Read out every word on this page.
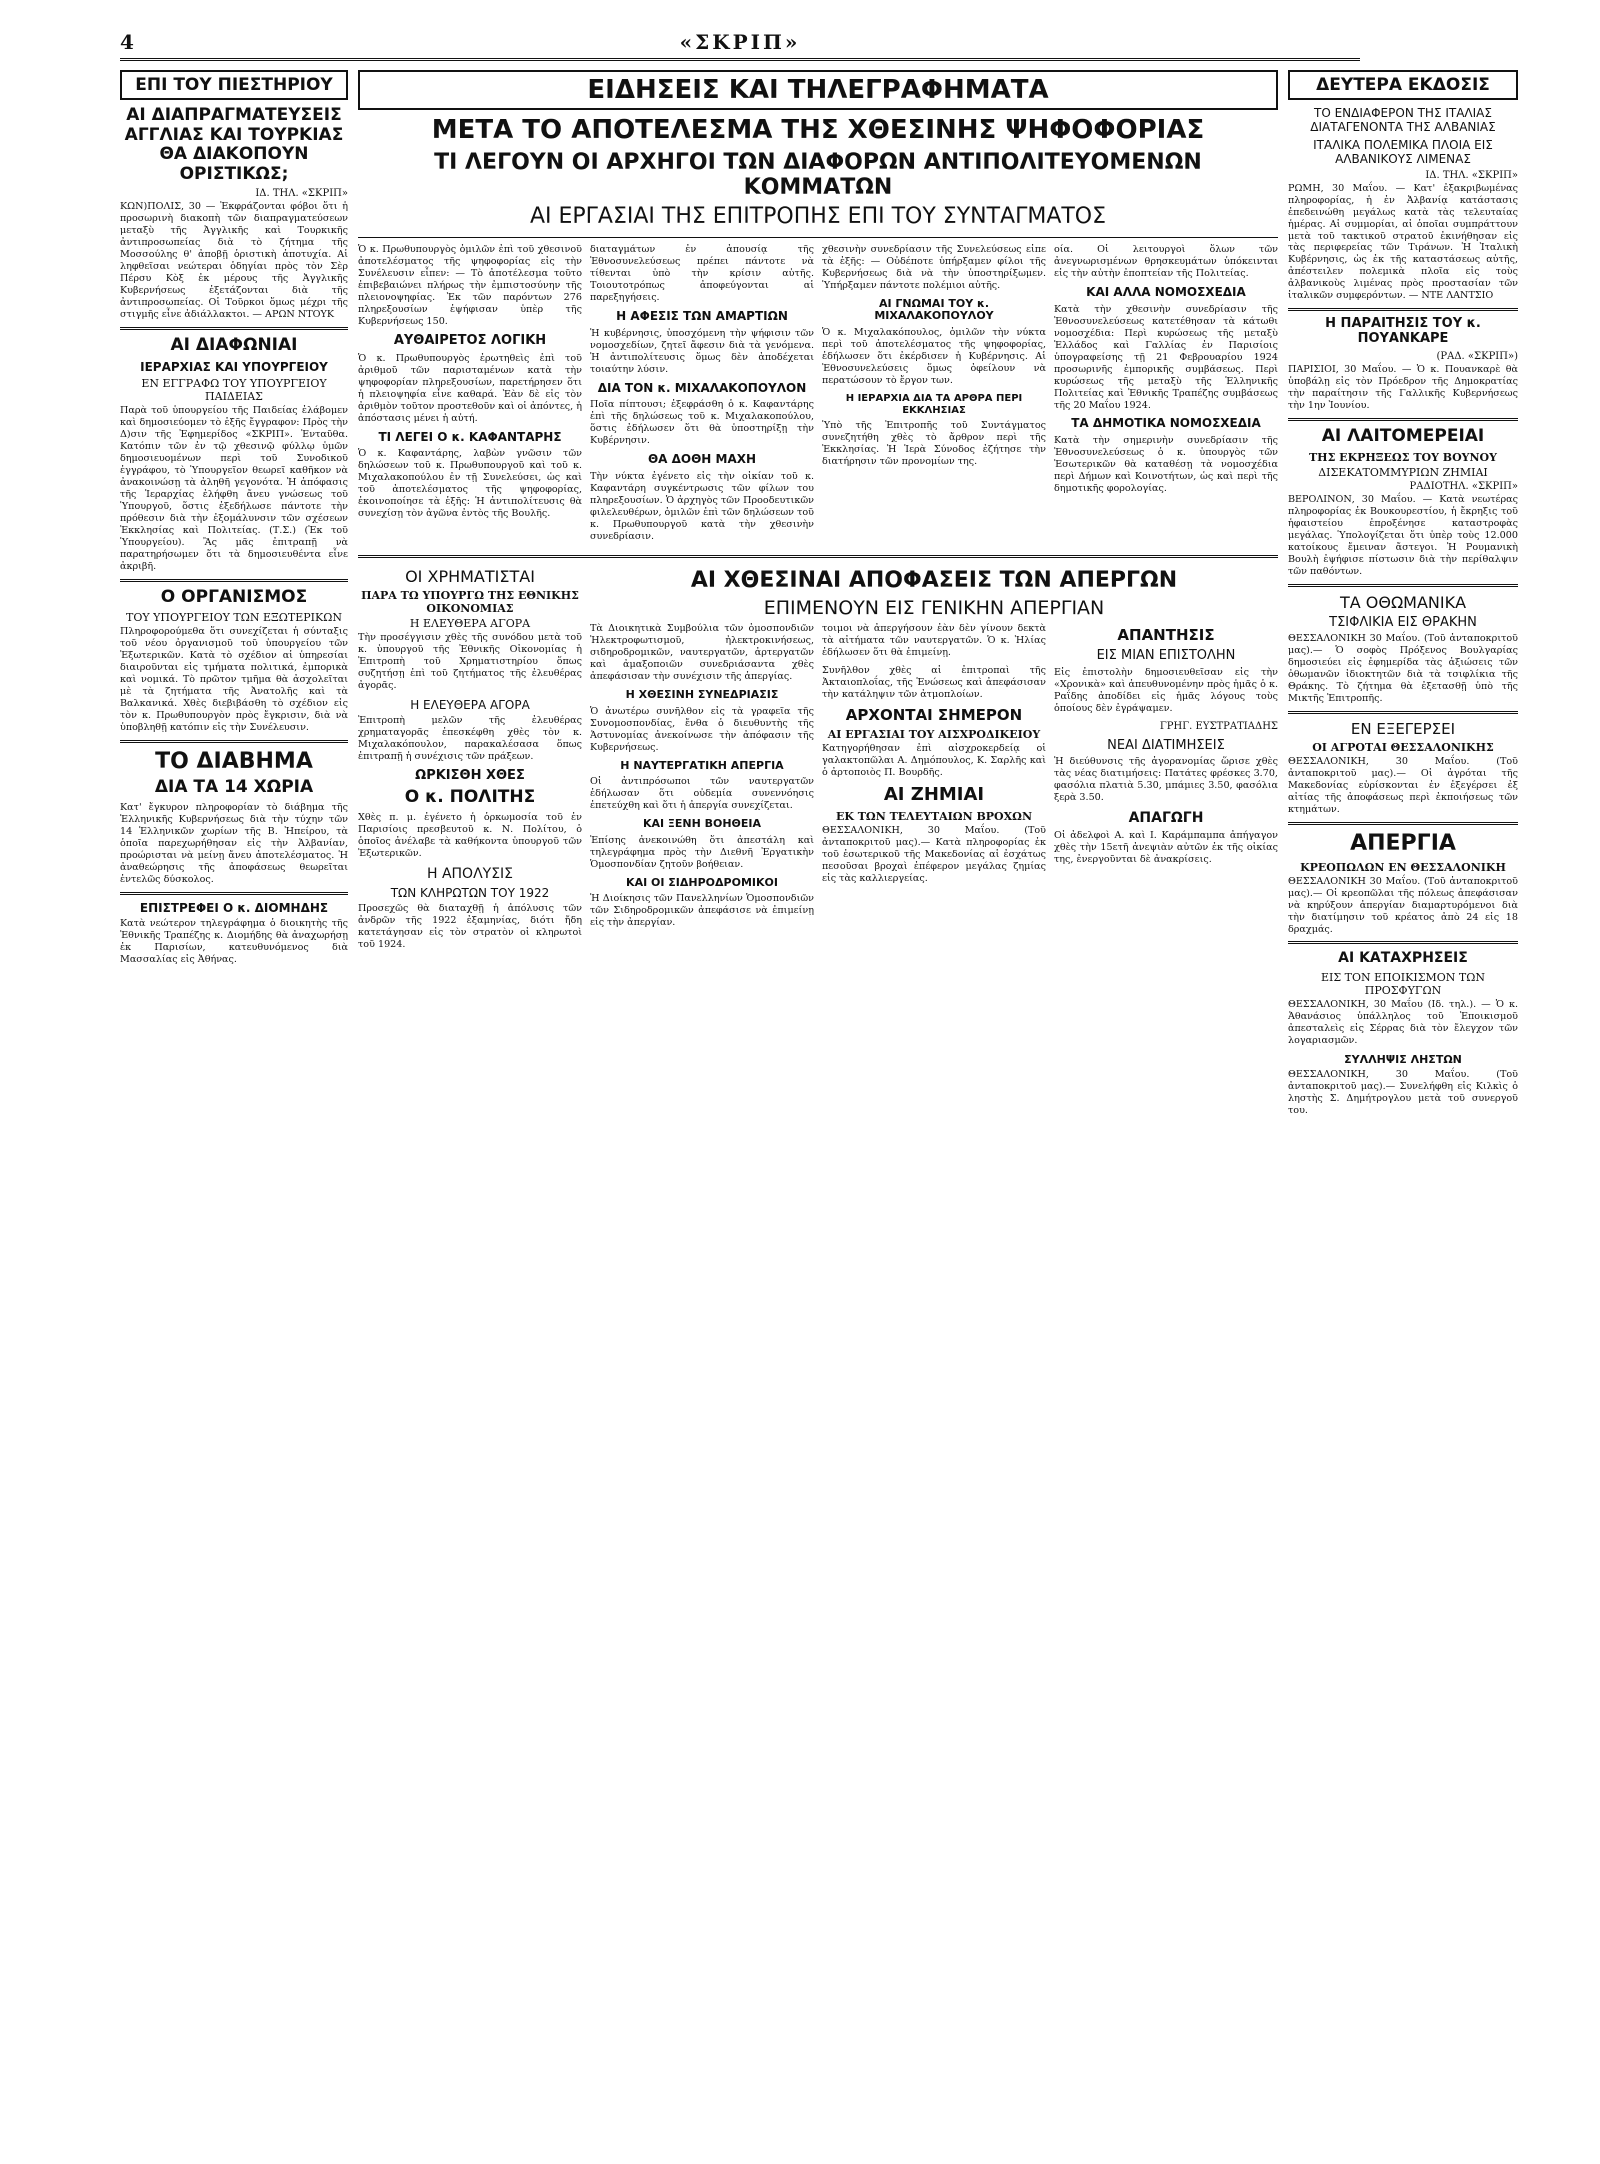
4	«ΣΚΡΙΠ»
ΕΠΙ ΤΟΥ ΠΙΕΣΤΗΡΙΟΥ
ΑΙ ΔΙΑΠΡΑΓΜΑΤΕΥΣΕΙΣ ΑΓΓΛΙΑΣ ΚΑΙ ΤΟΥΡΚΙΑΣ ΘΑ ΔΙΑΚΟΠΟΥΝ ΟΡΙΣΤΙΚΩΣ;
ΙΔ. ΤΗΛ. «ΣΚΡΙΠ»

ΚΩΝ)ΠΟΛΙΣ, 30 — Ἐκφράζονται φόβοι ὅτι ἡ προσωρινὴ διακοπὴ τῶν διαπραγματεύσεων μεταξὺ τῆς Ἀγγλικῆς καὶ Τουρκικῆς ἀντιπροσωπείας διὰ τὸ ζήτημα τῆς Μοσσούλης θ' ἀποβῇ ὁριστικὴ ἀποτυχία. Αἱ ληφθεῖσαι νεώτεραι ὁδηγίαι πρὸς τὸν Σὲρ Πέρσυ Κὸξ ἐκ μέρους τῆς Ἀγγλικῆς Κυβερνήσεως ἐξετάζονται διὰ τῆς ἀντιπροσωπείας. Οἱ Τοῦρκοι ὅμως μέχρι τῆς στιγμῆς εἶνε ἀδιάλλακτοι. — ΑΡΩΝ ΝΤΟΥΚ

ΑΙ ΔΙΑΦΩΝΙΑΙ
ΙΕΡΑΡΧΙΑΣ ΚΑΙ ΥΠΟΥΡΓΕΙΟΥ
ΕΝ ΕΓΓΡΑΦΩ ΤΟΥ ΥΠΟΥΡΓΕΙΟΥ ΠΑΙΔΕΙΑΣ

Παρὰ τοῦ ὑπουργείου τῆς Παιδείας ἐλάβομεν καὶ δημοσιεύομεν τὸ ἑξῆς ἔγγραφον: Πρὸς τὴν Δ)σιν τῆς Ἐφημερίδος «ΣΚΡΙΠ». Ἐνταῦθα. Κατόπιν τῶν ἐν τῷ χθεσινῷ φύλλῳ ὑμῶν δημοσιευομένων περὶ τοῦ Συνοδικοῦ ἐγγράφου, τὸ Ὑπουργεῖον θεωρεῖ καθῆκον νὰ ἀνακοινώσῃ τὰ ἀληθῆ γεγονότα. Ἡ ἀπόφασις τῆς Ἱεραρχίας ἐλήφθη ἄνευ γνώσεως τοῦ Ὑπουργοῦ, ὅστις ἐξεδήλωσε πάντοτε τὴν πρόθεσιν διὰ τὴν ἐξομάλυνσιν τῶν σχέσεων Ἐκκλησίας καὶ Πολιτείας. (Τ.Σ.) (Ἐκ τοῦ Ὑπουργείου). Ἂς μᾶς ἐπιτραπῇ νὰ παρατηρήσωμεν ὅτι τὰ δημοσιευθέντα εἶνε ἀκριβῆ.

Ο ΟΡΓΑΝΙΣΜΟΣ
ΤΟΥ ΥΠΟΥΡΓΕΙΟΥ ΤΩΝ ΕΞΩΤΕΡΙΚΩΝ

Πληροφορούμεθα ὅτι συνεχίζεται ἡ σύνταξις τοῦ νέου ὀργανισμοῦ τοῦ ὑπουργείου τῶν Ἐξωτερικῶν. Κατὰ τὸ σχέδιον αἱ ὑπηρεσίαι διαιροῦνται εἰς τμήματα πολιτικά, ἐμπορικὰ καὶ νομικά. Τὸ πρῶτον τμῆμα θὰ ἀσχολεῖται μὲ τὰ ζητήματα τῆς Ἀνατολῆς καὶ τὰ Βαλκανικά. Χθὲς διεβιβάσθη τὸ σχέδιον εἰς τὸν κ. Πρωθυπουργὸν πρὸς ἔγκρισιν, διὰ νὰ ὑποβληθῇ κατόπιν εἰς τὴν Συνέλευσιν.

ΤΟ ΔΙΑΒΗΜΑ
ΔΙΑ ΤΑ 14 ΧΩΡΙΑ

Κατ' ἔγκυρον πληροφορίαν τὸ διάβημα τῆς Ἑλληνικῆς Κυβερνήσεως διὰ τὴν τύχην τῶν 14 Ἑλληνικῶν χωρίων τῆς Β. Ἠπείρου, τὰ ὁποῖα παρεχωρήθησαν εἰς τὴν Ἀλβανίαν, προώρισται νὰ μείνῃ ἄνευ ἀποτελέσματος. Ἡ ἀναθεώρησις τῆς ἀποφάσεως θεωρεῖται ἐντελῶς δύσκολος.

ΕΠΙΣΤΡΕΦΕΙ Ο κ. ΔΙΟΜΗΔΗΣ

Κατὰ νεώτερον τηλεγράφημα ὁ διοικητὴς τῆς Ἐθνικῆς Τραπέζης κ. Διομήδης θὰ ἀναχωρήσῃ ἐκ Παρισίων, κατευθυνόμενος διὰ Μασσαλίας εἰς Ἀθήνας.

ΕΙΔΗΣΕΙΣ ΚΑΙ ΤΗΛΕΓΡΑΦΗΜΑΤΑ
ΜΕΤΑ ΤΟ ΑΠΟΤΕΛΕΣΜΑ ΤΗΣ ΧΘΕΣΙΝΗΣ ΨΗΦΟΦΟΡΙΑΣ
ΤΙ ΛΕΓΟΥΝ ΟΙ ΑΡΧΗΓΟΙ ΤΩΝ ΔΙΑΦΟΡΩΝ ΑΝΤΙΠΟΛΙΤΕΥΟΜΕΝΩΝ ΚΟΜΜΑΤΩΝ
ΑΙ ΕΡΓΑΣΙΑΙ ΤΗΣ ΕΠΙΤΡΟΠΗΣ ΕΠΙ ΤΟΥ ΣΥΝΤΑΓΜΑΤΟΣ

Ὁ κ. Πρωθυπουργὸς ὁμιλῶν ἐπὶ τοῦ χθεσινοῦ ἀποτελέσματος τῆς ψηφοφορίας εἰς τὴν Συνέλευσιν εἶπεν: — Τὸ ἀποτέλεσμα τοῦτο ἐπιβεβαιώνει πλήρως τὴν ἐμπιστοσύνην τῆς πλειονοψηφίας. Ἐκ τῶν παρόντων 276 πληρεξουσίων ἐψήφισαν ὑπὲρ τῆς Κυβερνήσεως 150.

ΑΥΘΑΙΡΕΤΟΣ ΛΟΓΙΚΗ

Ὁ κ. Πρωθυπουργὸς ἐρωτηθεὶς ἐπὶ τοῦ ἀριθμοῦ τῶν παρισταμένων κατὰ τὴν ψηφοφορίαν πληρεξουσίων, παρετήρησεν ὅτι ἡ πλειοψηφία εἶνε καθαρά. Ἐὰν δὲ εἰς τὸν ἀριθμὸν τοῦτον προστεθοῦν καὶ οἱ ἀπόντες, ἡ ἀπόστασις μένει ἡ αὐτή.

ΤΙ ΛΕΓΕΙ Ο κ. ΚΑΦΑΝΤΑΡΗΣ

Ὁ κ. Καφαντάρης, λαβὼν γνῶσιν τῶν δηλώσεων τοῦ κ. Πρωθυπουργοῦ καὶ τοῦ κ. Μιχαλακοπούλου ἐν τῇ Συνελεύσει, ὡς καὶ τοῦ ἀποτελέσματος τῆς ψηφοφορίας, ἐκοινοποίησε τὰ ἑξῆς: Ἡ ἀντιπολίτευσις θὰ συνεχίσῃ τὸν ἀγῶνα ἐντὸς τῆς Βουλῆς.

διαταγμάτων ἐν ἀπουσίᾳ τῆς Ἐθνοσυνελεύσεως πρέπει πάντοτε νὰ τίθενται ὑπὸ τὴν κρίσιν αὐτῆς. Τοιουτοτρόπως ἀποφεύγονται αἱ παρεξηγήσεις.

Η ΑΦΕΣΙΣ ΤΩΝ ΑΜΑΡΤΙΩΝ

Ἡ κυβέρνησις, ὑποσχόμενη τὴν ψήφισιν τῶν νομοσχεδίων, ζητεῖ ἄφεσιν διὰ τὰ γενόμενα. Ἡ ἀντιπολίτευσις ὅμως δὲν ἀποδέχεται τοιαύτην λύσιν.

ΔΙΑ ΤΟΝ κ. ΜΙΧΑΛΑΚΟΠΟΥΛΟΝ

Ποῖα πίπτουσι; ἐξεφράσθη ὁ κ. Καφαντάρης ἐπὶ τῆς δηλώσεως τοῦ κ. Μιχαλακοπούλου, ὅστις ἐδήλωσεν ὅτι θὰ ὑποστηρίξῃ τὴν Κυβέρνησιν.

ΘΑ ΔΟΘΗ ΜΑΧΗ

Τὴν νύκτα ἐγένετο εἰς τὴν οἰκίαν τοῦ κ. Καφαντάρη συγκέντρωσις τῶν φίλων του πληρεξουσίων. Ὁ ἀρχηγὸς τῶν Προοδευτικῶν φιλελευθέρων, ὁμιλῶν ἐπὶ τῶν δηλώσεων τοῦ κ. Πρωθυπουργοῦ κατὰ τὴν χθεσινὴν συνεδρίασιν.

χθεσινὴν συνεδρίασιν τῆς Συνελεύσεως εἶπε τὰ ἑξῆς: — Οὐδέποτε ὑπήρξαμεν φίλοι τῆς Κυβερνήσεως διὰ νὰ τὴν ὑποστηρίξωμεν. Ὑπήρξαμεν πάντοτε πολέμιοι αὐτῆς.

ΑΙ ΓΝΩΜΑΙ ΤΟΥ κ. ΜΙΧΑΛΑΚΟΠΟΥΛΟΥ

Ὁ κ. Μιχαλακόπουλος, ὁμιλῶν τὴν νύκτα περὶ τοῦ ἀποτελέσματος τῆς ψηφοφορίας, ἐδήλωσεν ὅτι ἐκέρδισεν ἡ Κυβέρνησις. Αἱ Ἐθνοσυνελεύσεις ὅμως ὀφείλουν νὰ περατώσουν τὸ ἔργον των.

Η ΙΕΡΑΡΧΙΑ ΔΙΑ ΤΑ ΑΡΘΡΑ ΠΕΡΙ ΕΚΚΛΗΣΙΑΣ

Ὑπὸ τῆς Ἐπιτροπῆς τοῦ Συντάγματος συνεζητήθη χθὲς τὸ ἄρθρον περὶ τῆς Ἐκκλησίας. Ἡ Ἱερὰ Σύνοδος ἐζήτησε τὴν διατήρησιν τῶν προνομίων της.

οία. Οἱ λειτουργοὶ ὅλων τῶν ἀνεγνωρισμένων θρησκευμάτων ὑπόκεινται εἰς τὴν αὐτὴν ἐποπτείαν τῆς Πολιτείας.

ΚΑΙ ΑΛΛΑ ΝΟΜΟΣΧΕΔΙΑ

Κατὰ τὴν χθεσινὴν συνεδρίασιν τῆς Ἐθνοσυνελεύσεως κατετέθησαν τὰ κάτωθι νομοσχέδια: Περὶ κυρώσεως τῆς μεταξὺ Ἑλλάδος καὶ Γαλλίας ἐν Παρισίοις ὑπογραφείσης τῇ 21 Φεβρουαρίου 1924 προσωρινῆς ἐμπορικῆς συμβάσεως. Περὶ κυρώσεως τῆς μεταξὺ τῆς Ἑλληνικῆς Πολιτείας καὶ Ἐθνικῆς Τραπέζης συμβάσεως τῆς 20 Μαΐου 1924.

ΤΑ ΔΗΜΟΤΙΚΑ ΝΟΜΟΣΧΕΔΙΑ

Κατὰ τὴν σημερινὴν συνεδρίασιν τῆς Ἐθνοσυνελεύσεως ὁ κ. ὑπουργὸς τῶν Ἐσωτερικῶν θὰ καταθέσῃ τὰ νομοσχέδια περὶ Δήμων καὶ Κοινοτήτων, ὡς καὶ περὶ τῆς δημοτικῆς φορολογίας.

ΟΙ ΧΡΗΜΑΤΙΣΤΑΙ
ΠΑΡΑ ΤΩ ΥΠΟΥΡΓΩ ΤΗΣ ΕΘΝΙΚΗΣ ΟΙΚΟΝΟΜΙΑΣ
Η ΕΛΕΥΘΕΡΑ ΑΓΟΡΑ

Τὴν προσέγγισιν χθὲς τῆς συνόδου μετὰ τοῦ κ. ὑπουργοῦ τῆς Ἐθνικῆς Οἰκονομίας ἡ Ἐπιτροπὴ τοῦ Χρηματιστηρίου ὅπως συζητήσῃ ἐπὶ τοῦ ζητήματος τῆς ἐλευθέρας ἀγορᾶς.

Η ΕΛΕΥΘΕΡΑ ΑΓΟΡΑ

Ἐπιτροπὴ μελῶν τῆς ἐλευθέρας χρηματαγορᾶς ἐπεσκέφθη χθὲς τὸν κ. Μιχαλακόπουλον, παρακαλέσασα ὅπως ἐπιτραπῇ ἡ συνέχισις τῶν πράξεων.

ΩΡΚΙΣΘΗ ΧΘΕΣ
Ο κ. ΠΟΛΙΤΗΣ

Χθὲς π. μ. ἐγένετο ἡ ὁρκωμοσία τοῦ ἐν Παρισίοις πρεσβευτοῦ κ. Ν. Πολίτου, ὁ ὁποῖος ἀνέλαβε τὰ καθήκοντα ὑπουργοῦ τῶν Ἐξωτερικῶν.

Η ΑΠΟΛΥΣΙΣ
ΤΩΝ ΚΛΗΡΩΤΩΝ ΤΟΥ 1922

Προσεχῶς θὰ διαταχθῇ ἡ ἀπόλυσις τῶν ἀνδρῶν τῆς 1922 ἐξαμηνίας, διότι ἤδη κατετάγησαν εἰς τὸν στρατὸν οἱ κληρωτοὶ τοῦ 1924.

ΑΙ ΧΘΕΣΙΝΑΙ ΑΠΟΦΑΣΕΙΣ ΤΩΝ ΑΠΕΡΓΩΝ
ΕΠΙΜΕΝΟΥΝ ΕΙΣ ΓΕΝΙΚΗΝ ΑΠΕΡΓΙΑΝ

Τὰ Διοικητικὰ Συμβούλια τῶν ὁμοσπονδιῶν Ἠλεκτροφωτισμοῦ, ἠλεκτροκινήσεως, σιδηροδρομικῶν, ναυτεργατῶν, ἀρτεργατῶν καὶ ἀμαξοποιῶν συνεδριάσαντα χθὲς ἀπεφάσισαν τὴν συνέχισιν τῆς ἀπεργίας.

Η ΧΘΕΣΙΝΗ ΣΥΝΕΔΡΙΑΣΙΣ

Ὁ ἀνωτέρω συνῆλθον εἰς τὰ γραφεῖα τῆς Συνομοσπονδίας, ἔνθα ὁ διευθυντὴς τῆς Ἀστυνομίας ἀνεκοίνωσε τὴν ἀπόφασιν τῆς Κυβερνήσεως.

Η ΝΑΥΤΕΡΓΑΤΙΚΗ ΑΠΕΡΓΙΑ

Οἱ ἀντιπρόσωποι τῶν ναυτεργατῶν ἐδήλωσαν ὅτι οὐδεμία συνεννόησις ἐπετεύχθη καὶ ὅτι ἡ ἀπεργία συνεχίζεται.

ΚΑΙ ΞΕΝΗ ΒΟΗΘΕΙΑ

Ἐπίσης ἀνεκοινώθη ὅτι ἀπεστάλη καὶ τηλεγράφημα πρὸς τὴν Διεθνῆ Ἐργατικὴν Ὁμοσπονδίαν ζητοῦν βοήθειαν.

ΚΑΙ ΟΙ ΣΙΔΗΡΟΔΡΟΜΙΚΟΙ

Ἡ Διοίκησις τῶν Πανελληνίων Ὁμοσπονδιῶν τῶν Σιδηροδρομικῶν ἀπεφάσισε νὰ ἐπιμείνῃ εἰς τὴν ἀπεργίαν.

τοιμοι νὰ ἀπεργήσουν ἐὰν δὲν γίνουν δεκτὰ τὰ αἰτήματα τῶν ναυτεργατῶν. Ὁ κ. Ἡλίας ἐδήλωσεν ὅτι θὰ ἐπιμείνῃ.

Συνῆλθον χθὲς αἱ ἐπιτροπαὶ τῆς Ἀκταιοπλοΐας, τῆς Ἑνώσεως καὶ ἀπεφάσισαν τὴν κατάληψιν τῶν ἀτμοπλοίων.

ΑΡΧΟΝΤΑΙ ΣΗΜΕΡΟΝ
ΑΙ ΕΡΓΑΣΙΑΙ ΤΟΥ ΑΙΣΧΡΟΔΙΚΕΙΟΥ

Κατηγορήθησαν ἐπὶ αἰσχροκερδείᾳ οἱ γαλακτοπῶλαι Α. Δημόπουλος, Κ. Σαρλῆς καὶ ὁ ἀρτοποιὸς Π. Βουρδῆς.

ΑΙ ΖΗΜΙΑΙ
ΕΚ ΤΩΝ ΤΕΛΕΥΤΑΙΩΝ ΒΡΟΧΩΝ

ΘΕΣΣΑΛΟΝΙΚΗ, 30 Μαΐου. (Τοῦ ἀνταποκριτοῦ μας).— Κατὰ πληροφορίας ἐκ τοῦ ἐσωτερικοῦ τῆς Μακεδονίας αἱ ἐσχάτως πεσοῦσαι βροχαὶ ἐπέφερον μεγάλας ζημίας εἰς τὰς καλλιεργείας.

ΑΠΑΝΤΗΣΙΣ
ΕΙΣ ΜΙΑΝ ΕΠΙΣΤΟΛΗΝ

Εἰς ἐπιστολὴν δημοσιευθεῖσαν εἰς τὴν «Χρονικὰ» καὶ ἀπευθυνομένην πρὸς ἡμᾶς ὁ κ. Ραΐδης ἀποδίδει εἰς ἡμᾶς λόγους τοὺς ὁποίους δὲν ἐγράψαμεν.

ΓΡΗΓ. ΕΥΣΤΡΑΤΙΑΔΗΣ
ΝΕΑΙ ΔΙΑΤΙΜΗΣΕΙΣ

Ἡ διεύθυνσις τῆς ἀγορανομίας ὥρισε χθὲς τὰς νέας διατιμήσεις: Πατάτες φρέσκες 3.70, φασόλια πλατιὰ 5.30, μπάμιες 3.50, φασόλια ξερὰ 3.50.

ΑΠΑΓΩΓΗ

Οἱ ἀδελφοὶ Α. καὶ Ι. Καράμπαμπα ἀπήγαγον χθὲς τὴν 15ετῆ ἀνεψιὰν αὐτῶν ἐκ τῆς οἰκίας της, ἐνεργοῦνται δὲ ἀνακρίσεις.

ΔΕΥΤΕΡΑ ΕΚΔΟΣΙΣ
ΤΟ ΕΝΔΙΑΦΕΡΟΝ ΤΗΣ ΙΤΑΛΙΑΣ ΔΙΑΤΑΓΕΝΟΝΤΑ ΤΗΣ ΑΛΒΑΝΙΑΣ
ΙΤΑΛΙΚΑ ΠΟΛΕΜΙΚΑ ΠΛΟΙΑ ΕΙΣ ΑΛΒΑΝΙΚΟΥΣ ΛΙΜΕΝΑΣ
ΙΔ. ΤΗΛ. «ΣΚΡΙΠ»

ΡΩΜΗ, 30 Μαΐου. — Κατ' ἐξακριβωμένας πληροφορίας, ἡ ἐν Ἀλβανίᾳ κατάστασις ἐπεδεινώθη μεγάλως κατὰ τὰς τελευταίας ἡμέρας. Αἱ συμμορίαι, αἱ ὁποῖαι συμπράττουν μετὰ τοῦ τακτικοῦ στρατοῦ ἐκινήθησαν εἰς τὰς περιφερείας τῶν Τιράνων. Ἡ Ἰταλικὴ Κυβέρνησις, ὡς ἐκ τῆς καταστάσεως αὐτῆς, ἀπέστειλεν πολεμικὰ πλοῖα εἰς τοὺς ἀλβανικοὺς λιμένας πρὸς προστασίαν τῶν ἰταλικῶν συμφερόντων. — ΝΤΕ ΛΑΝΤΣΙΟ

Η ΠΑΡΑΙΤΗΣΙΣ ΤΟΥ κ. ΠΟΥΑΝΚΑΡΕ
(ΡΑΔ. «ΣΚΡΙΠ»)

ΠΑΡΙΣΙΟΙ, 30 Μαΐου. — Ὁ κ. Πουανκαρὲ θὰ ὑποβάλῃ εἰς τὸν Πρόεδρον τῆς Δημοκρατίας τὴν παραίτησιν τῆς Γαλλικῆς Κυβερνήσεως τὴν 1ην Ἰουνίου.

ΑΙ ΛΑΙΤΟΜΕΡΕΙΑΙ
ΤΗΣ ΕΚΡΗΞΕΩΣ ΤΟΥ ΒΟΥΝΟΥ
ΔΙΣΕΚΑΤΟΜΜΥΡΙΩΝ ΖΗΜΙΑΙ
ΡΑΔΙΟΤΗΛ. «ΣΚΡΙΠ»

ΒΕΡΟΛΙΝΟΝ, 30 Μαΐου. — Κατὰ νεωτέρας πληροφορίας ἐκ Βουκουρεστίου, ἡ ἔκρηξις τοῦ ἡφαιστείου ἐπροξένησε καταστροφὰς μεγάλας. Ὑπολογίζεται ὅτι ὑπὲρ τοὺς 12.000 κατοίκους ἔμειναν ἄστεγοι. Ἡ Ρουμανικὴ Βουλὴ ἐψήφισε πίστωσιν διὰ τὴν περίθαλψιν τῶν παθόντων.

ΤΑ ΟΘΩΜΑΝΙΚΑ
ΤΣΙΦΛΙΚΙΑ ΕΙΣ ΘΡΑΚΗΝ

ΘΕΣΣΑΛΟΝΙΚΗ 30 Μαΐου. (Τοῦ ἀνταποκριτοῦ μας).— Ὁ σοφὸς Πρόξενος Βουλγαρίας δημοσιεύει εἰς ἐφημερίδα τὰς ἀξιώσεις τῶν ὀθωμανῶν ἰδιοκτητῶν διὰ τὰ τσιφλίκια τῆς Θράκης. Τὸ ζήτημα θὰ ἐξετασθῇ ὑπὸ τῆς Μικτῆς Ἐπιτροπῆς.

ΕΝ ΕΞΕΓΕΡΣΕΙ
ΟΙ ΑΓΡΟΤΑΙ ΘΕΣΣΑΛΟΝΙΚΗΣ

ΘΕΣΣΑΛΟΝΙΚΗ, 30 Μαΐου. (Τοῦ ἀνταποκριτοῦ μας).— Οἱ ἀγρόται τῆς Μακεδονίας εὑρίσκονται ἐν ἐξεγέρσει ἐξ αἰτίας τῆς ἀποφάσεως περὶ ἐκποιήσεως τῶν κτημάτων.

ΑΠΕΡΓΙΑ
ΚΡΕΟΠΩΛΩΝ ΕΝ ΘΕΣΣΑΛΟΝΙΚΗ

ΘΕΣΣΑΛΟΝΙΚΗ 30 Μαΐου. (Τοῦ ἀνταποκριτοῦ μας).— Οἱ κρεοπῶλαι τῆς πόλεως ἀπεφάσισαν νὰ κηρύξουν ἀπεργίαν διαμαρτυρόμενοι διὰ τὴν διατίμησιν τοῦ κρέατος ἀπὸ 24 εἰς 18 δραχμάς.

ΑΙ ΚΑΤΑΧΡΗΣΕΙΣ
ΕΙΣ ΤΟΝ ΕΠΟΙΚΙΣΜΟΝ ΤΩΝ ΠΡΟΣΦΥΓΩΝ

ΘΕΣΣΑΛΟΝΙΚΗ, 30 Μαΐου (Ιδ. τηλ.). — Ὁ κ. Ἀθανάσιος ὑπάλληλος τοῦ Ἐποικισμοῦ ἀπεσταλεὶς εἰς Σέρρας διὰ τὸν ἔλεγχον τῶν λογαριασμῶν.

ΣΥΛΛΗΨΙΣ ΛΗΣΤΩΝ

ΘΕΣΣΑΛΟΝΙΚΗ, 30 Μαΐου. (Τοῦ ἀνταποκριτοῦ μας).— Συνελήφθη εἰς Κιλκὶς ὁ ληστὴς Σ. Δημήτρογλου μετὰ τοῦ συνεργοῦ του.
